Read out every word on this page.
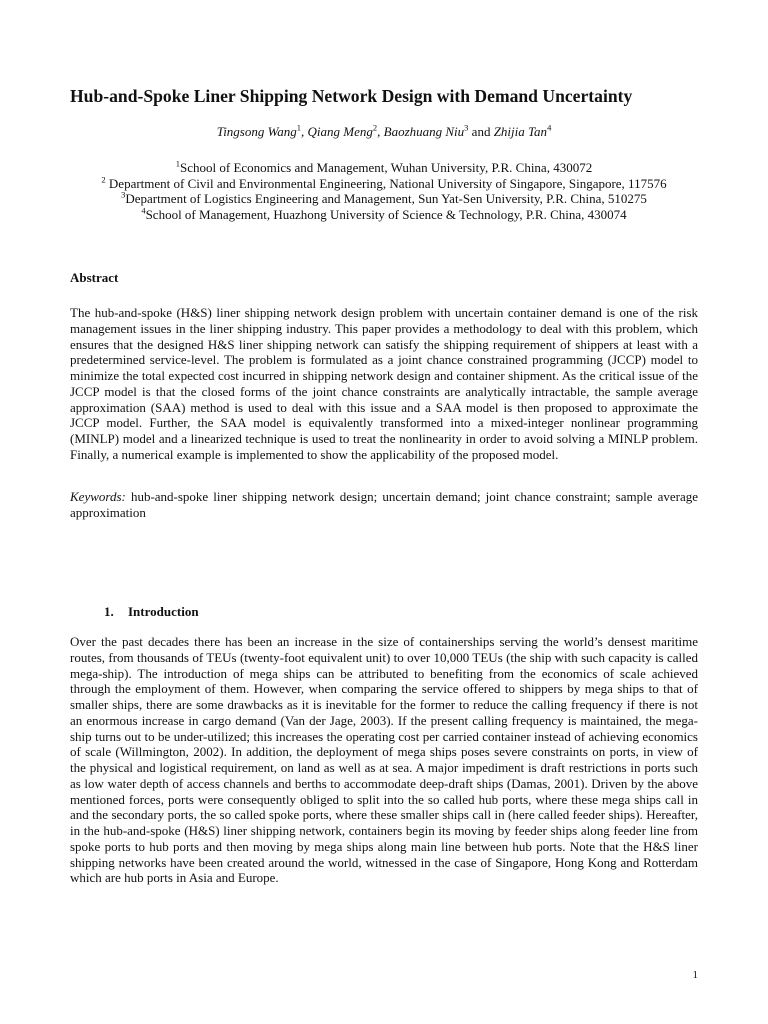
Hub-and-Spoke Liner Shipping Network Design with Demand Uncertainty
Tingsong Wang$^1$, Qiang Meng$^2$, Baozhuang Niu$^3$ and Zhijia Tan$^4$
$^1$School of Economics and Management, Wuhan University, P.R. China, 430072
$^2$ Department of Civil and Environmental Engineering, National University of Singapore, Singapore, 117576
$^3$Department of Logistics Engineering and Management, Sun Yat-Sen University, P.R. China, 510275
$^4$School of Management, Huazhong University of Science & Technology, P.R. China, 430074
Abstract

The hub-and-spoke (H&S) liner shipping network design problem with uncertain container demand is one of the risk management issues in the liner shipping industry. This paper provides a methodology to deal with this problem, which ensures that the designed H&S liner shipping network can satisfy the shipping requirement of shippers at least with a predetermined service-level. The problem is formulated as a joint chance constrained programming (JCCP) model to minimize the total expected cost incurred in shipping network design and container shipment. As the critical issue of the JCCP model is that the closed forms of the joint chance constraints are analytically intractable, the sample average approximation (SAA) method is used to deal with this issue and a SAA model is then proposed to approximate the JCCP model. Further, the SAA model is equivalently transformed into a mixed-integer nonlinear programming (MINLP) model and a linearized technique is used to treat the nonlinearity in order to avoid solving a MINLP problem. Finally, a numerical example is implemented to show the applicability of the proposed model.

Keywords: hub-and-spoke liner shipping network design; uncertain demand; joint chance constraint; sample average approximation

1. Introduction

Over the past decades there has been an increase in the size of containerships serving the world’s densest maritime routes, from thousands of TEUs (twenty-foot equivalent unit) to over 10,000 TEUs (the ship with such capacity is called mega-ship). The introduction of mega ships can be attributed to benefiting from the economics of scale achieved through the employment of them. However, when comparing the service offered to shippers by mega ships to that of smaller ships, there are some drawbacks as it is inevitable for the former to reduce the calling frequency if there is not an enormous increase in cargo demand (Van der Jage, 2003). If the present calling frequency is maintained, the mega-ship turns out to be under-utilized; this increases the operating cost per carried container instead of achieving economics of scale (Willmington, 2002). In addition, the deployment of mega ships poses severe constraints on ports, in view of the physical and logistical requirement, on land as well as at sea. A major impediment is draft restrictions in ports such as low water depth of access channels and berths to accommodate deep-draft ships (Damas, 2001). Driven by the above mentioned forces, ports were consequently obliged to split into the so called hub ports, where these mega ships call in and the secondary ports, the so called spoke ports, where these smaller ships call in (here called feeder ships). Hereafter, in the hub-and-spoke (H&S) liner shipping network, containers begin its moving by feeder ships along feeder line from spoke ports to hub ports and then moving by mega ships along main line between hub ports. Note that the H&S liner shipping networks have been created around the world, witnessed in the case of Singapore, Hong Kong and Rotterdam which are hub ports in Asia and Europe.

1
